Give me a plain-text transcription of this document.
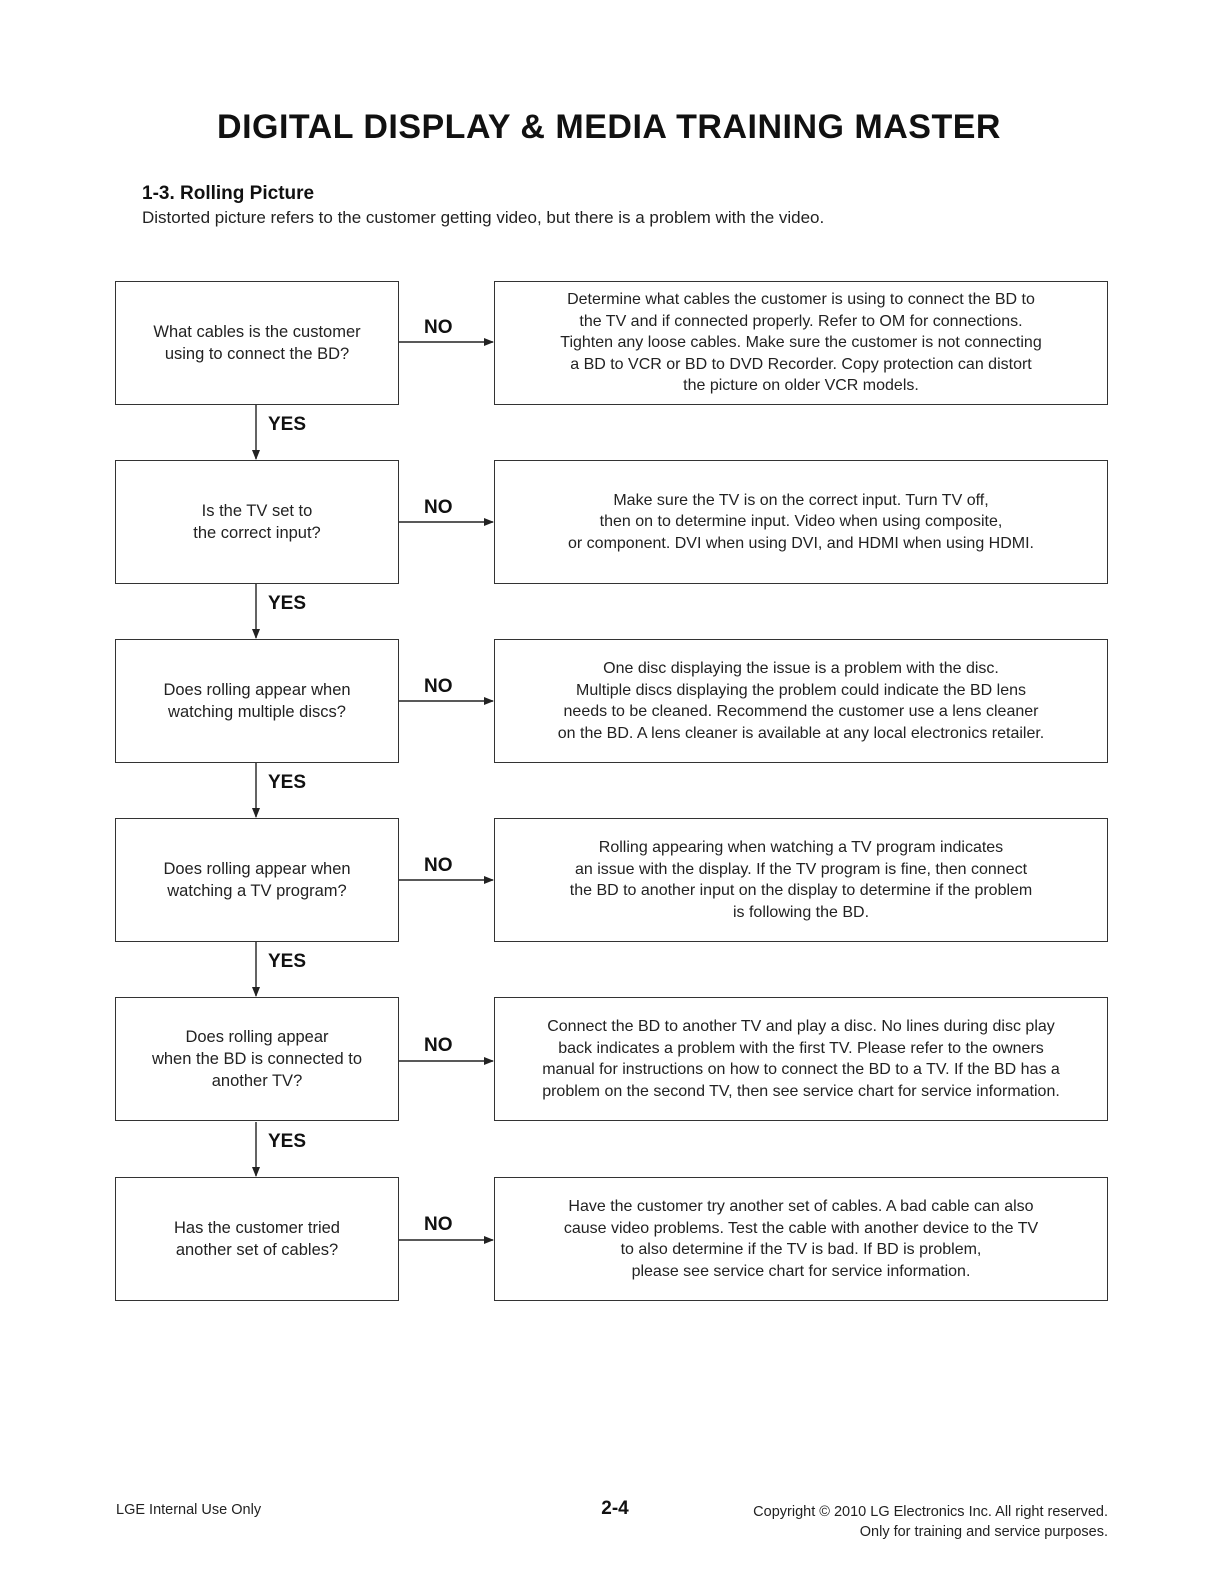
DIGITAL DISPLAY & MEDIA TRAINING MASTER
1-3. Rolling Picture
Distorted picture refers to the customer getting video, but there is a problem with the video.
What cables is the customer
using to connect the BD?
NO
Determine what cables the customer is using to connect the BD to
the TV and if connected properly. Refer to OM for connections.
Tighten any loose cables. Make sure the customer is not connecting
a BD to VCR or BD to DVD Recorder. Copy protection can distort
the picture on older VCR models.
YES
Is the TV set to
the correct input?
NO	Make sure the TV is on the correct input. Turn TV off,
then on to determine input. Video when using composite,
or component. DVI when using DVI, and HDMI when using HDMI.
YES
Does rolling appear when
watching multiple discs?
NO
One disc displaying the issue is a problem with the disc.
Multiple discs displaying the problem could indicate the BD lens
needs to be cleaned. Recommend the customer use a lens cleaner
on the BD. A lens cleaner is available at any local electronics retailer.
YES
Does rolling appear when
watching a TV program?
NO
Rolling appearing when watching a TV program indicates
an issue with the display. If the TV program is fine, then connect
the BD to another input on the display to determine if the problem
is following the BD.
YES
Does rolling appear
when the BD is connected to
another TV?
NO
Connect the BD to another TV and play a disc. No lines during disc play
back indicates a problem with the first TV. Please refer to the owners
manual for instructions on how to connect the BD to a TV. If the BD has a
problem on the second TV, then see service chart for service information.
YES
Has the customer tried
another set of cables?
NO
Have the customer try another set of cables. A bad cable can also
cause video problems. Test the cable with another device to the TV
to also determine if the TV is bad. If BD is problem,
please see service chart for service information.
LGE Internal Use Only	2-4	Copyright © 2010 LG Electronics Inc. All right reserved.
Only for training and service purposes.
